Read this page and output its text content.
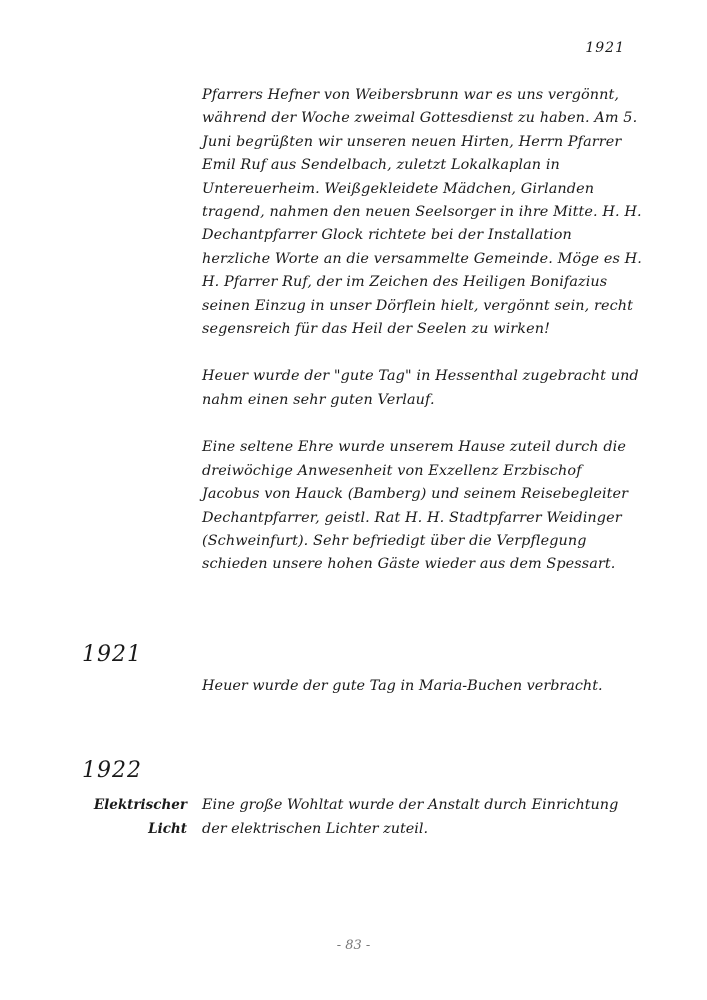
1921

Pfarrers Hefner von Weibersbrunn war es uns vergönnt, während der Woche zweimal Gottesdienst zu haben. Am 5. Juni begrüßten wir unseren neuen Hirten, Herrn Pfarrer Emil Ruf aus Sendelbach, zuletzt Lokalkaplan in Untereuerheim. Weißgekleidete Mädchen, Girlanden tragend, nahmen den neuen Seelsorger in ihre Mitte. H. H. Dechantpfarrer Glock richtete bei der Installation herzliche Worte an die versammelte Gemeinde. Möge es H. H. Pfarrer Ruf, der im Zeichen des Heiligen Bonifazius seinen Einzug in unser Dörflein hielt, vergönnt sein, recht segensreich für das Heil der Seelen zu wirken!

Heuer wurde der "gute Tag" in Hessenthal zugebracht und nahm einen sehr guten Verlauf.

Eine seltene Ehre wurde unserem Hause zuteil durch die dreiwöchige Anwesenheit von Exzellenz Erzbischof Jacobus von Hauck (Bamberg) und seinem Reisebegleiter Dechantpfarrer, geistl. Rat H. H. Stadtpfarrer Weidinger (Schweinfurt). Sehr befriedigt über die Verpflegung schieden unsere hohen Gäste wieder aus dem Spessart.

1921
Heuer wurde der gute Tag in Maria-Buchen verbracht.
1922
Elektrischer Licht
Eine große Wohltat wurde der Anstalt durch Einrichtung der elektrischen Lichter zuteil.
- 83 -
